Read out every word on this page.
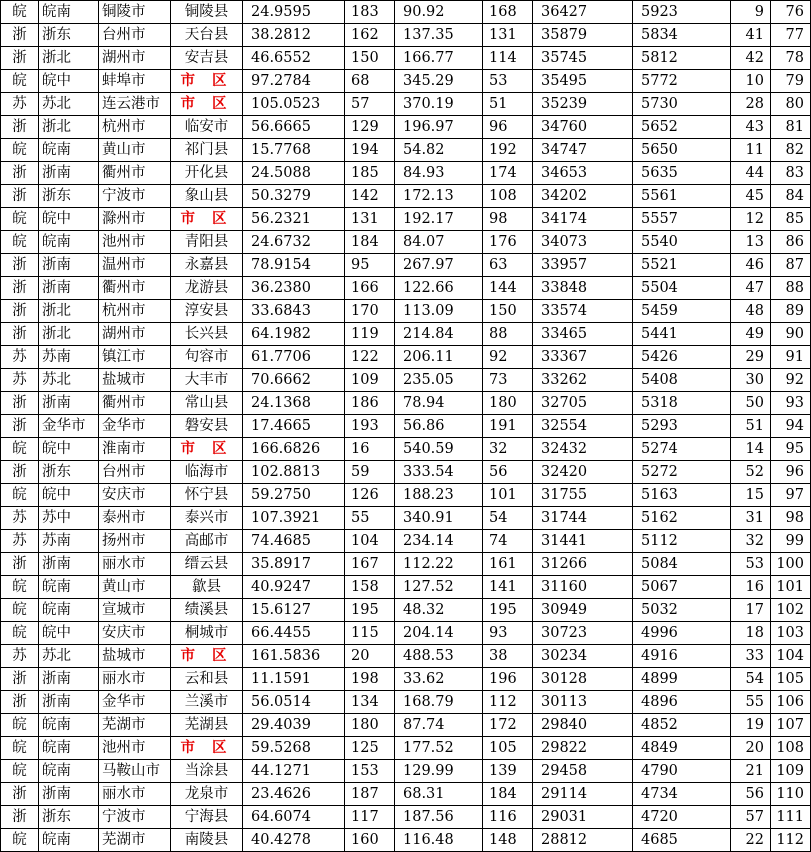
皖	皖南	铜陵市	铜陵县	24.9595	183	90.92	168	36427	5923	9	76
浙	浙东	台州市	天台县	38.2812	162	137.35	131	35879	5834	41	77
浙	浙北	湖州市	安吉县	46.6552	150	166.77	114	35745	5812	42	78
皖	皖中	蚌埠市	市 区	97.2784	68	345.29	53	35495	5772	10	79
苏	苏北	连云港市	市 区	105.0523	57	370.19	51	35239	5730	28	80
浙	浙北	杭州市	临安市	56.6665	129	196.97	96	34760	5652	43	81
皖	皖南	黄山市	祁门县	15.7768	194	54.82	192	34747	5650	11	82
浙	浙南	衢州市	开化县	24.5088	185	84.93	174	34653	5635	44	83
浙	浙东	宁波市	象山县	50.3279	142	172.13	108	34202	5561	45	84
皖	皖中	滁州市	市 区	56.2321	131	192.17	98	34174	5557	12	85
皖	皖南	池州市	青阳县	24.6732	184	84.07	176	34073	5540	13	86
浙	浙南	温州市	永嘉县	78.9154	95	267.97	63	33957	5521	46	87
浙	浙南	衢州市	龙游县	36.2380	166	122.66	144	33848	5504	47	88
浙	浙北	杭州市	淳安县	33.6843	170	113.09	150	33574	5459	48	89
浙	浙北	湖州市	长兴县	64.1982	119	214.84	88	33465	5441	49	90
苏	苏南	镇江市	句容市	61.7706	122	206.11	92	33367	5426	29	91
苏	苏北	盐城市	大丰市	70.6662	109	235.05	73	33262	5408	30	92
浙	浙南	衢州市	常山县	24.1368	186	78.94	180	32705	5318	50	93
浙	金华市	金华市	磐安县	17.4665	193	56.86	191	32554	5293	51	94
皖	皖中	淮南市	市 区	166.6826	16	540.59	32	32432	5274	14	95
浙	浙东	台州市	临海市	102.8813	59	333.54	56	32420	5272	52	96
皖	皖中	安庆市	怀宁县	59.2750	126	188.23	101	31755	5163	15	97
苏	苏中	泰州市	泰兴市	107.3921	55	340.91	54	31744	5162	31	98
苏	苏南	扬州市	高邮市	74.4685	104	234.14	74	31441	5112	32	99
浙	浙南	丽水市	缙云县	35.8917	167	112.22	161	31266	5084	53	100
皖	皖南	黄山市	歙县	40.9247	158	127.52	141	31160	5067	16	101
皖	皖南	宣城市	绩溪县	15.6127	195	48.32	195	30949	5032	17	102
皖	皖中	安庆市	桐城市	66.4455	115	204.14	93	30723	4996	18	103
苏	苏北	盐城市	市 区	161.5836	20	488.53	38	30234	4916	33	104
浙	浙南	丽水市	云和县	11.1591	198	33.62	196	30128	4899	54	105
浙	浙南	金华市	兰溪市	56.0514	134	168.79	112	30113	4896	55	106
皖	皖南	芜湖市	芜湖县	29.4039	180	87.74	172	29840	4852	19	107
皖	皖南	池州市	市 区	59.5268	125	177.52	105	29822	4849	20	108
皖	皖南	马鞍山市	当涂县	44.1271	153	129.99	139	29458	4790	21	109
浙	浙南	丽水市	龙泉市	23.4626	187	68.31	184	29114	4734	56	110
浙	浙东	宁波市	宁海县	64.6074	117	187.56	116	29031	4720	57	111
皖	皖南	芜湖市	南陵县	40.4278	160	116.48	148	28812	4685	22	112
